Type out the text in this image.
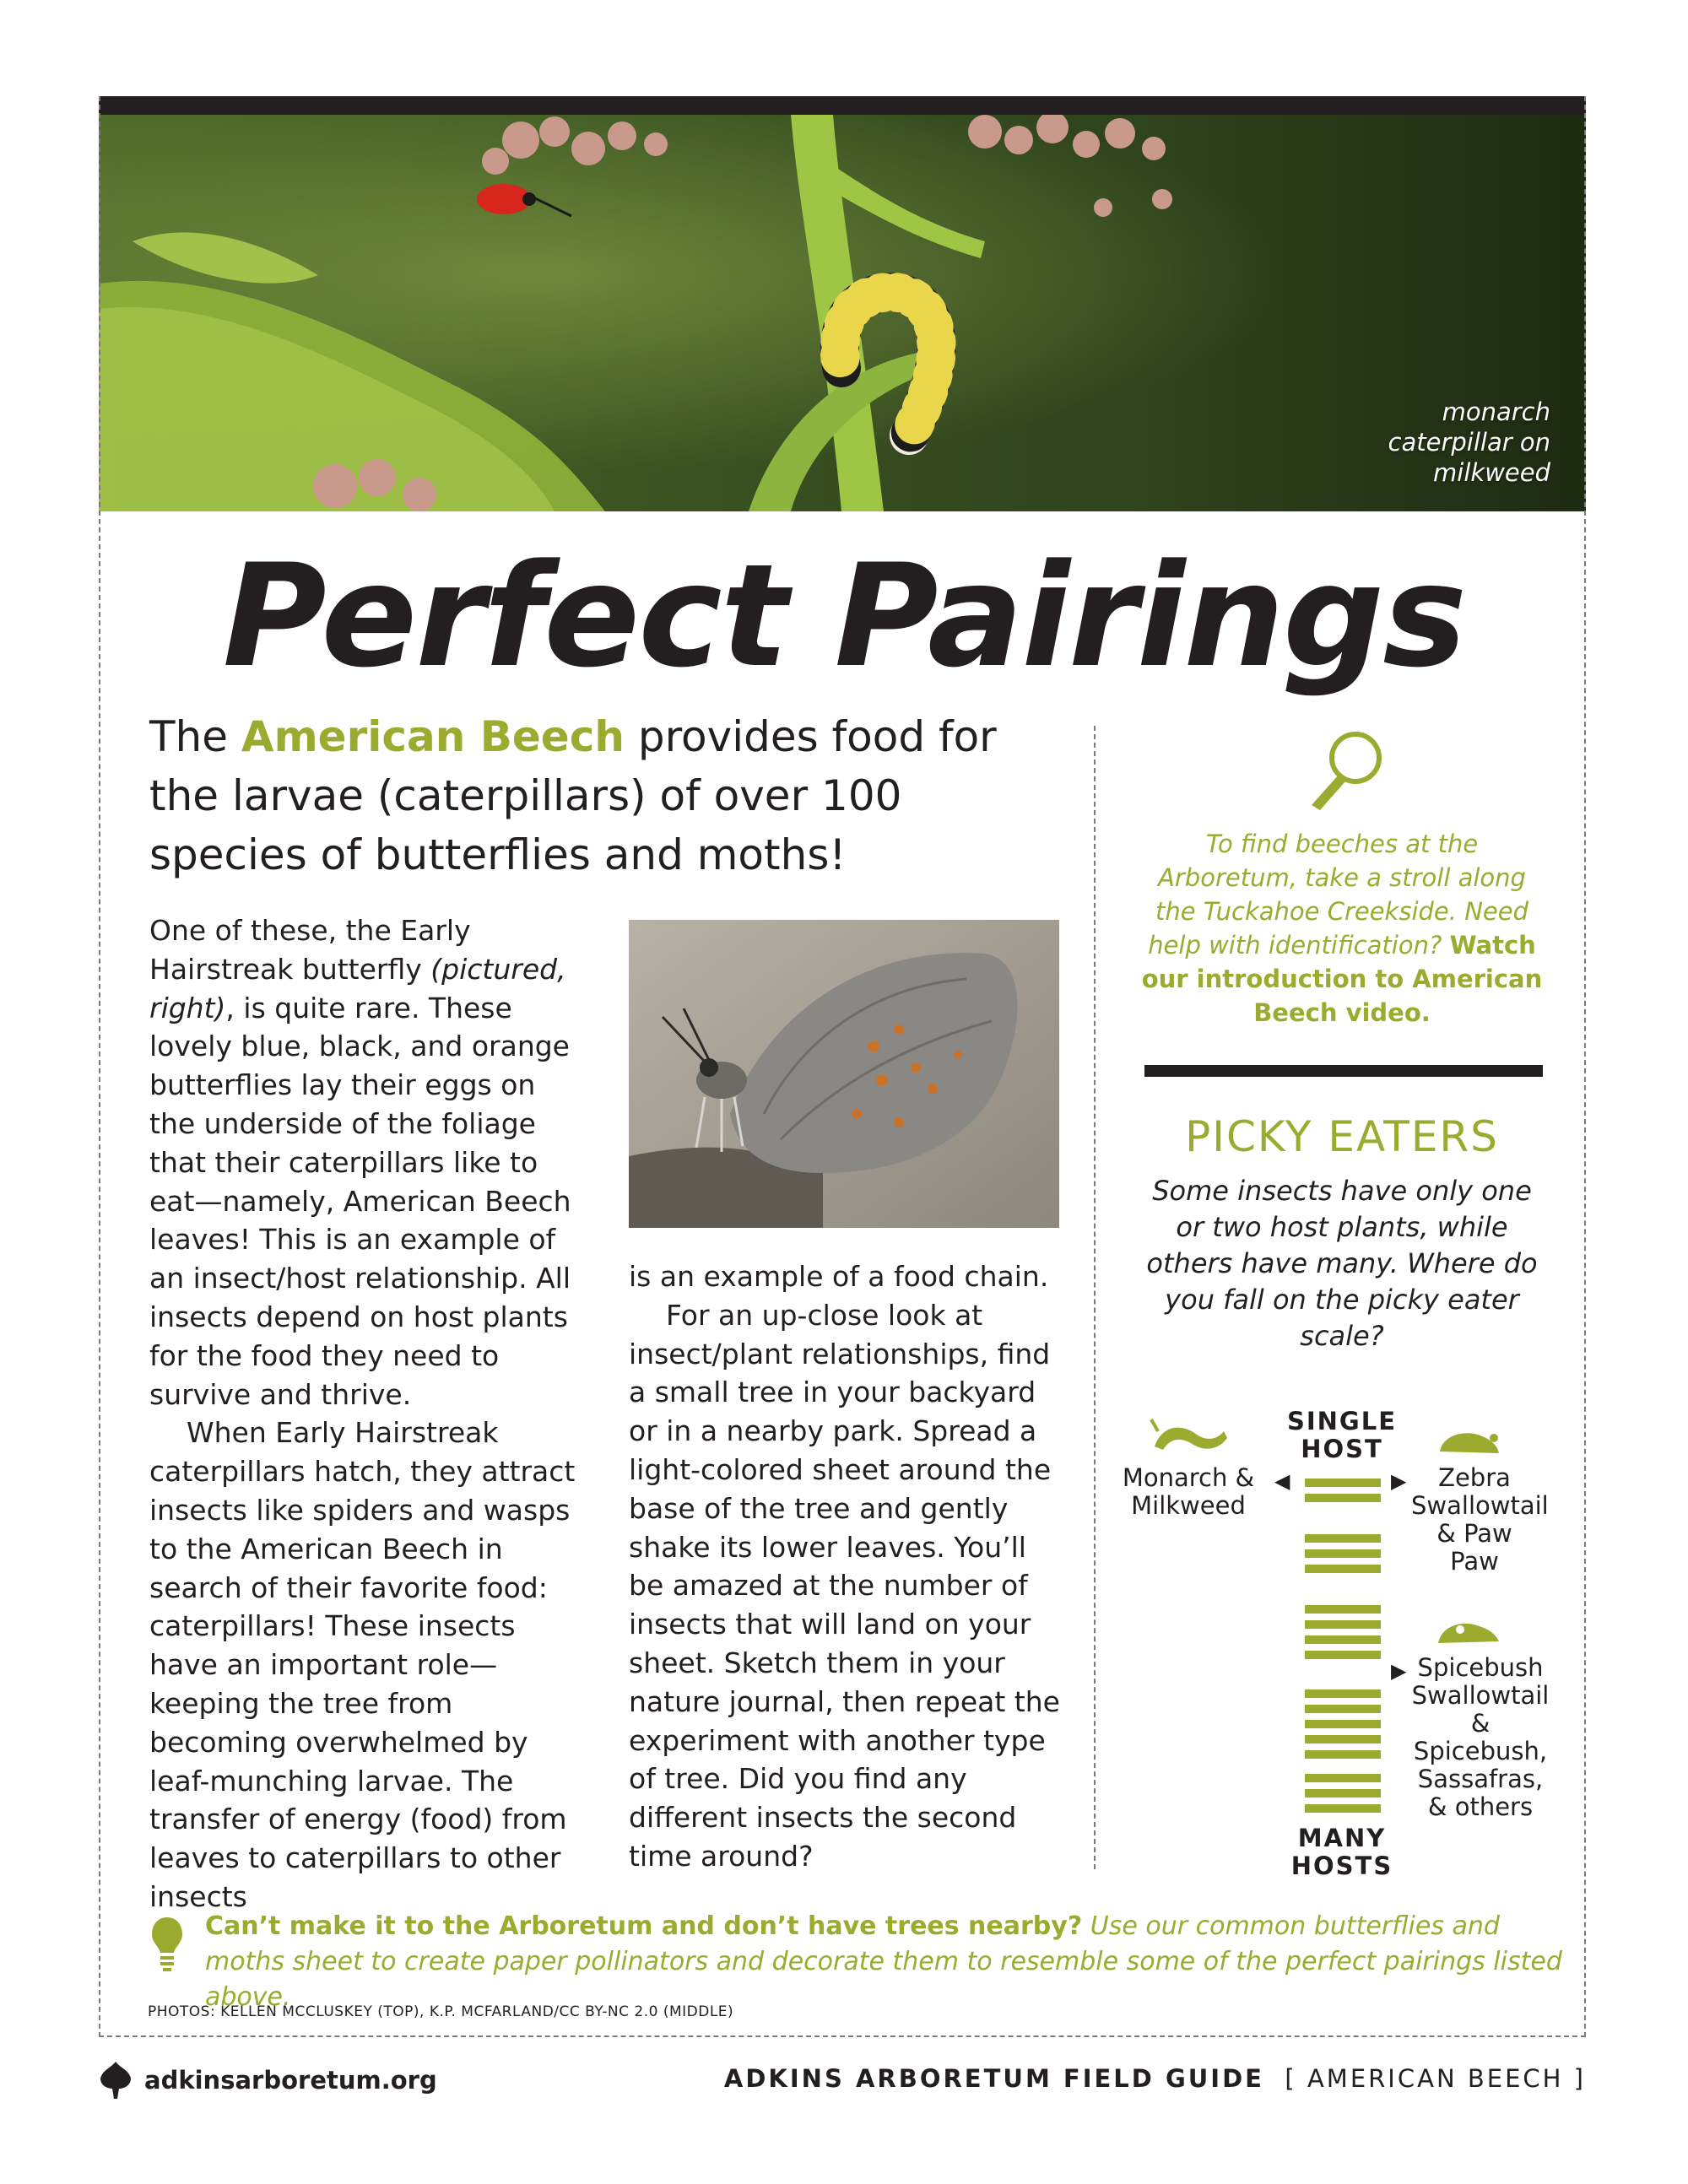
monarch caterpillar on milkweed
Perfect Pairings
The American Beech provides food for the larvae (caterpillars) of over 100 species of butterflies and moths!

One of these, the Early Hairstreak butterfly (pictured, right), is quite rare. These lovely blue, black, and orange butterflies lay their eggs on the underside of the foliage that their caterpillars like to eat—namely, American Beech leaves! This is an example of an insect/host relationship. All insects depend on host plants for the food they need to survive and thrive.

When Early Hairstreak caterpillars hatch, they attract insects like spiders and wasps to the American Beech in search of their favorite food: caterpillars! These insects have an important role—keeping the tree from becoming overwhelmed by leaf-munching larvae. The transfer of energy (food) from leaves to caterpillars to other insects

is an example of a food chain.

For an up-close look at insect/plant relationships, find a small tree in your backyard or in a nearby park. Spread a light-colored sheet around the base of the tree and gently shake its lower leaves. You’ll be amazed at the number of insects that will land on your sheet. Sketch them in your nature journal, then repeat the experiment with another type of tree. Did you find any different insects the second time around?

To find beeches at the Arboretum, take a stroll along the Tuckahoe Creekside. Need help with identification? Watch our introduction to American Beech video.
PICKY EATERS
Some insects have only one or two host plants, while others have many. Where do you fall on the picky eater scale?
SINGLE HOST
MANY HOSTS
Monarch & Milkweed
◀	▶	Zebra Swallowtail & Paw Paw
▶ Spicebush Swallowtail & Spicebush, Sassafras, & others
Can’t make it to the Arboretum and don’t have trees nearby? Use our common butterflies and moths sheet to create paper pollinators and decorate them to resemble some of the perfect pairings listed above.
PHOTOS: KELLEN MCCLUSKEY (TOP), K.P. MCFARLAND/CC BY-NC 2.0 (MIDDLE)
adkinsarboretum.org	ADKINS ARBORETUM FIELD GUIDE [ AMERICAN BEECH ]
